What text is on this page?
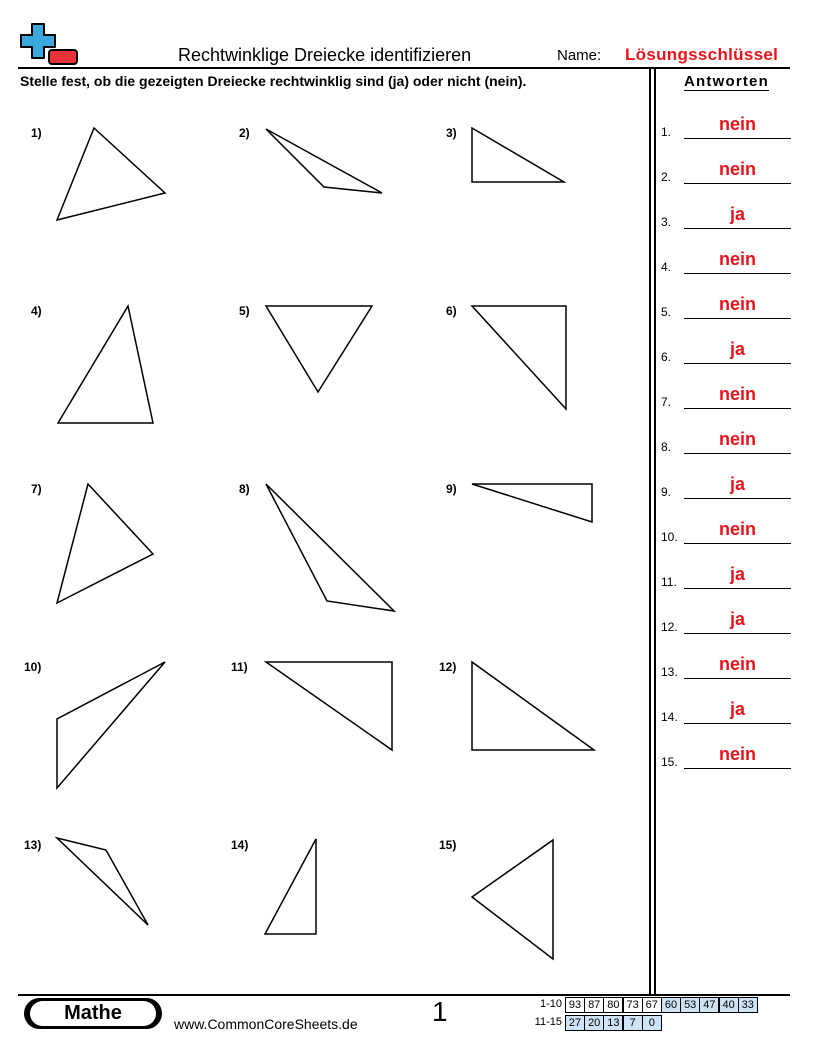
Rechtwinklige Dreiecke identifizieren	Name: Lösungsschlüssel
Stelle fest, ob die gezeigten Dreiecke rechtwinklig sind (ja) oder nicht (nein).	Antworten
1)	2)	3)
4)	5)	6)
7)	8)	9)
10)	11)	12)
13)	14)	15)
1.	nein
2.	nein
3.	ja
4.	nein
5.	nein
6.	ja
7.	nein
8.	nein
9.	ja
10.	nein
11.	ja
12.	ja
13.	nein
14.	ja
15.	nein
Mathe	www.CommonCoreSheets.de	1	1-10 93 87 80 73 67 60 53 47 40 33
11-15 27 20 13 7	0
